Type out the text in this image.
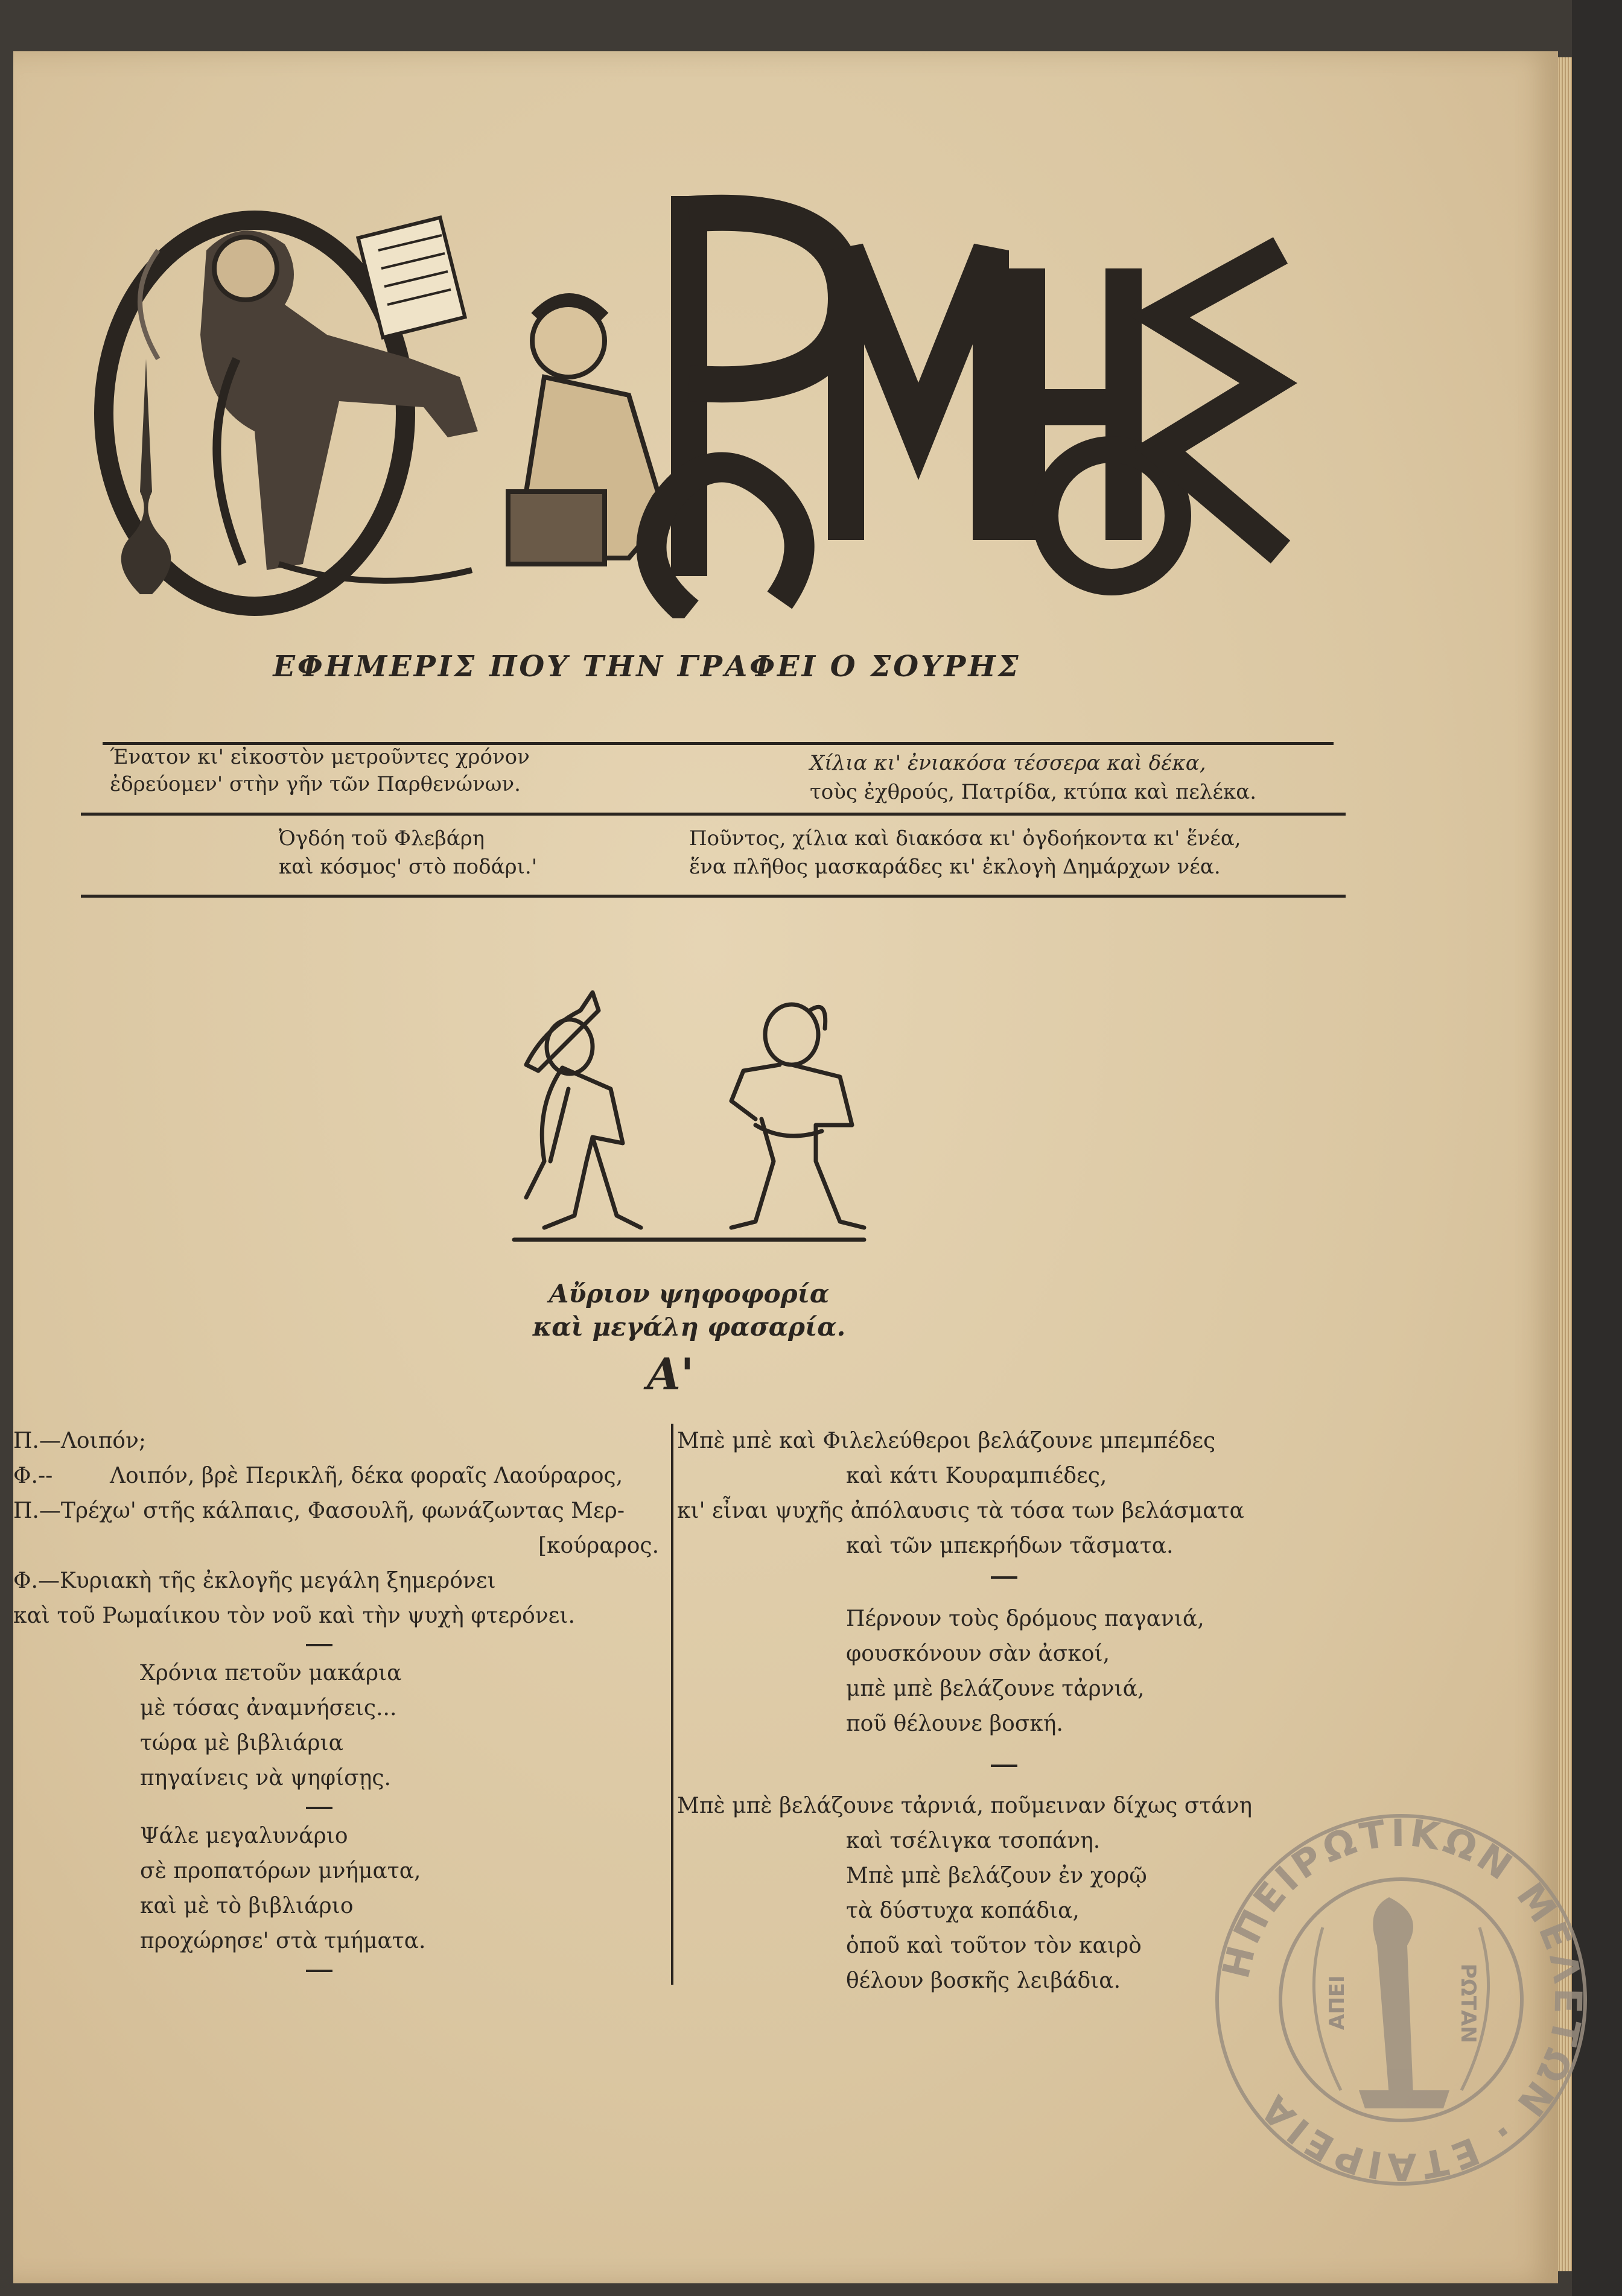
ΕΦΗΜΕΡΙΣ ΠΟΥ ΤΗΝ ΓΡΑΦΕΙ Ο ΣΟΥΡΗΣ
Ένατον κι' εἰκοστὸν μετροῦντες χρόνον
ἐδρεύομεν' στὴν γῆν τῶν Παρθενώνων.
Χίλια κι' ἐνιακόσα τέσσερα καὶ δέκα,
τοὺς ἐχθρούς, Πατρίδα, κτύπα καὶ πελέκα.
Ὀγδόη τοῦ Φλεβάρη
καὶ κόσμος' στὸ ποδάρι.'
Ποῦντος, χίλια καὶ διακόσα κι' ὀγδοήκοντα κι' ἕνέα,
ἕνα πλῆθος μασκαράδες κι' ἐκλογὴ Δημάρχων νέα.
Αὔριον ψηφοφορία
καὶ μεγάλη φασαρία.
Α'
Π.—Λοιπόν;
Φ.--	Λοιπόν, βρὲ Περικλῆ, δέκα φοραῖς Λαούραρος,
Π.—Τρέχω' στῆς κάλπαις, Φασουλῆ, φωνάζωντας Μερ-
[κούραρος.
Φ.—Κυριακὴ τῆς ἐκλογῆς μεγάλη ξημερόνει
καὶ τοῦ Ρωμαίικου τὸν νοῦ καὶ τὴν ψυχὴ φτερόνει.
Χρόνια πετοῦν μακάρια
μὲ τόσας ἀναμνήσεις...
τώρα μὲ βιβλιάρια
πηγαίνεις νὰ ψηφίσῃς.
Ψάλε μεγαλυνάριο
σὲ προπατόρων μνήματα,
καὶ μὲ τὸ βιβλιάριο
προχώρησε' στὰ τμήματα.
Μπὲ μπὲ καὶ Φιλελεύθεροι βελάζουνε μπεμπέδες
καὶ κάτι Κουραμπιέδες,
κι' εἶναι ψυχῆς ἀπόλαυσις τὰ τόσα των βελάσματα
καὶ τῶν μπεκρήδων τᾶσματα.
Πέρνουν τοὺς δρόμους παγανιά,
φουσκόνουν σὰν ἀσκοί,
μπὲ μπὲ βελάζουνε τἀρνιά,
ποῦ θέλουνε βοσκή.
Μπὲ μπὲ βελάζουνε τἀρνιά, ποῦμειναν δίχως στάνη
καὶ τσέλιγκα τσοπάνη.
Μπὲ μπὲ βελάζουν ἐν χορῷ
τὰ δύστυχα κοπάδια,
ὁποῦ καὶ τοῦτον τὸν καιρὸ
θέλουν βοσκῆς λειβάδια. ΗΠΕΙΡΩΤΙΚΩΝ ΜΕΛΕΤΩΝ · ΕΤΑΙΡΕΙΑ
ΑΠΕΙ	ΡΩΤΑΝ
